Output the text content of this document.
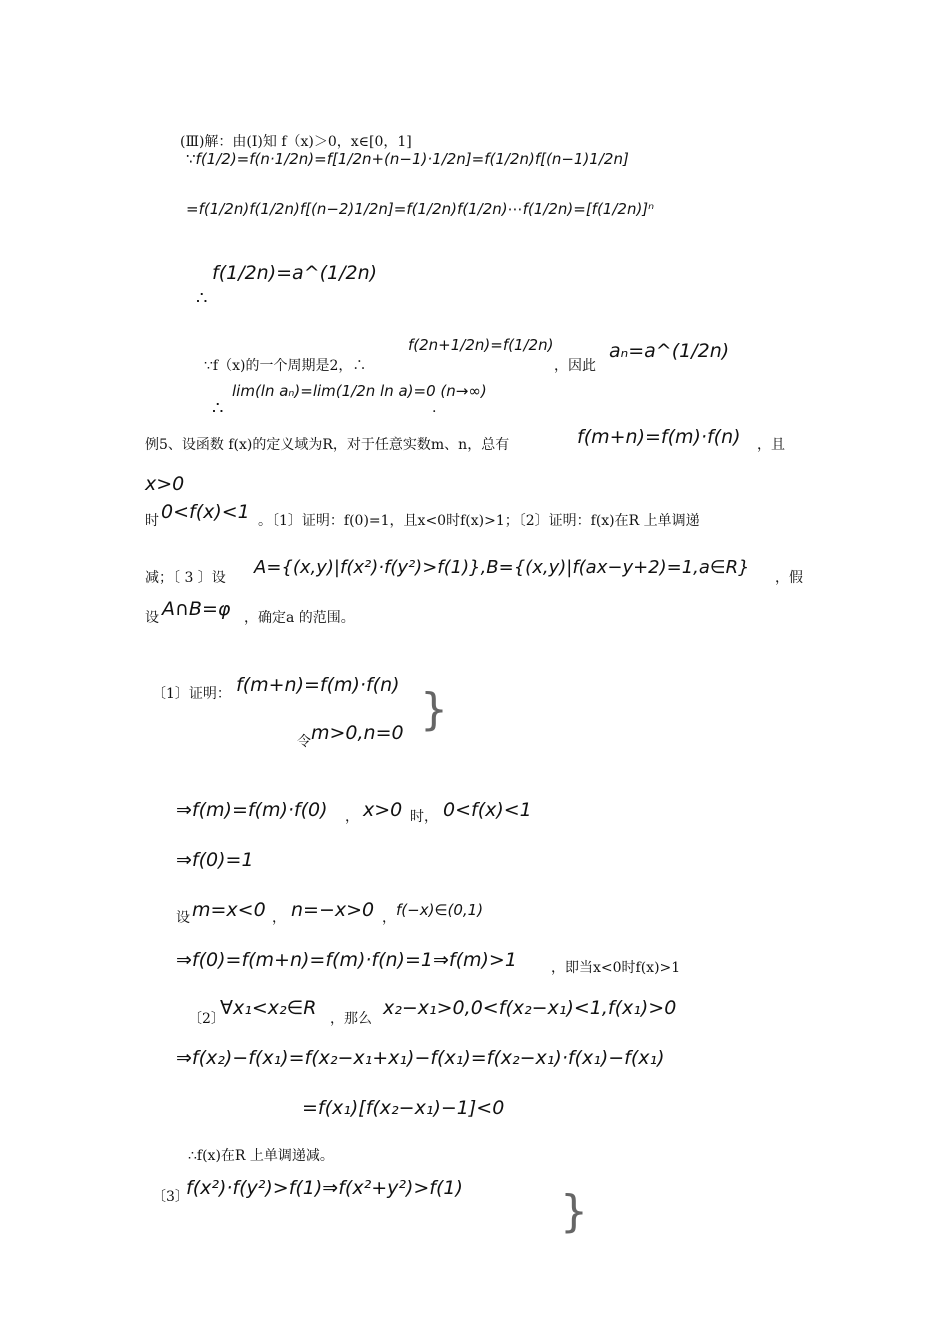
(Ⅲ)解：由(Ⅰ)知 f（x)＞0，x∈[0，1]
∵f(1/2)=f(n·1/2n)=f[1/2n+(n−1)·1/2n]=f(1/2n)f[(n−1)1/2n]
=f(1/2n)f(1/2n)f[(n−2)1/2n]=f(1/2n)f(1/2n)⋯f(1/2n)=[f(1/2n)]ⁿ
∴
f(1/2n)=a^(1/2n)
∵f（x)的一个周期是2，∴
f(2n+1/2n)=f(1/2n)
，因此
aₙ=a^(1/2n)
∴
lim(ln aₙ)=lim(1/2n ln a)=0 (n→∞)
.
例5、设函数 f(x)的定义域为R，对于任意实数m、n，总有	f(m+n)=f(m)·f(n) ，且
x>0
时 0<f(x)<1 。〔1〕证明：f(0)=1，且x<0时f(x)>1；〔2〕证明：f(x)在R 上单调递
减；〔 3 〕设 A={(x,y)|f(x²)·f(y²)>f(1)},B={(x,y)|f(ax−y+2)=1,a∈R} ，假
设 A∩B=φ ，确定a 的范围。
〔1〕证明： f(m+n)=f(m)·f(n)
令 m>0,n=0 }
⇒f(m)=f(m)·f(0) ， x>0 时， 0<f(x)<1
⇒f(0)=1
设 m=x<0 ， n=−x>0 ， f(−x)∈(0,1)
⇒f(0)=f(m+n)=f(m)·f(n)=1⇒f(m)>1 ，即当x<0时f(x)>1
〔2〕
∀x₁<x₂∈R ，那么 x₂−x₁>0,0<f(x₂−x₁)<1,f(x₁)>0
⇒f(x₂)−f(x₁)=f(x₂−x₁+x₁)−f(x₁)=f(x₂−x₁)·f(x₁)−f(x₁)
=f(x₁)[f(x₂−x₁)−1]<0
∴f(x)在R 上单调递减。
〔3〕
f(x²)·f(y²)>f(1)⇒f(x²+y²)>f(1) }
